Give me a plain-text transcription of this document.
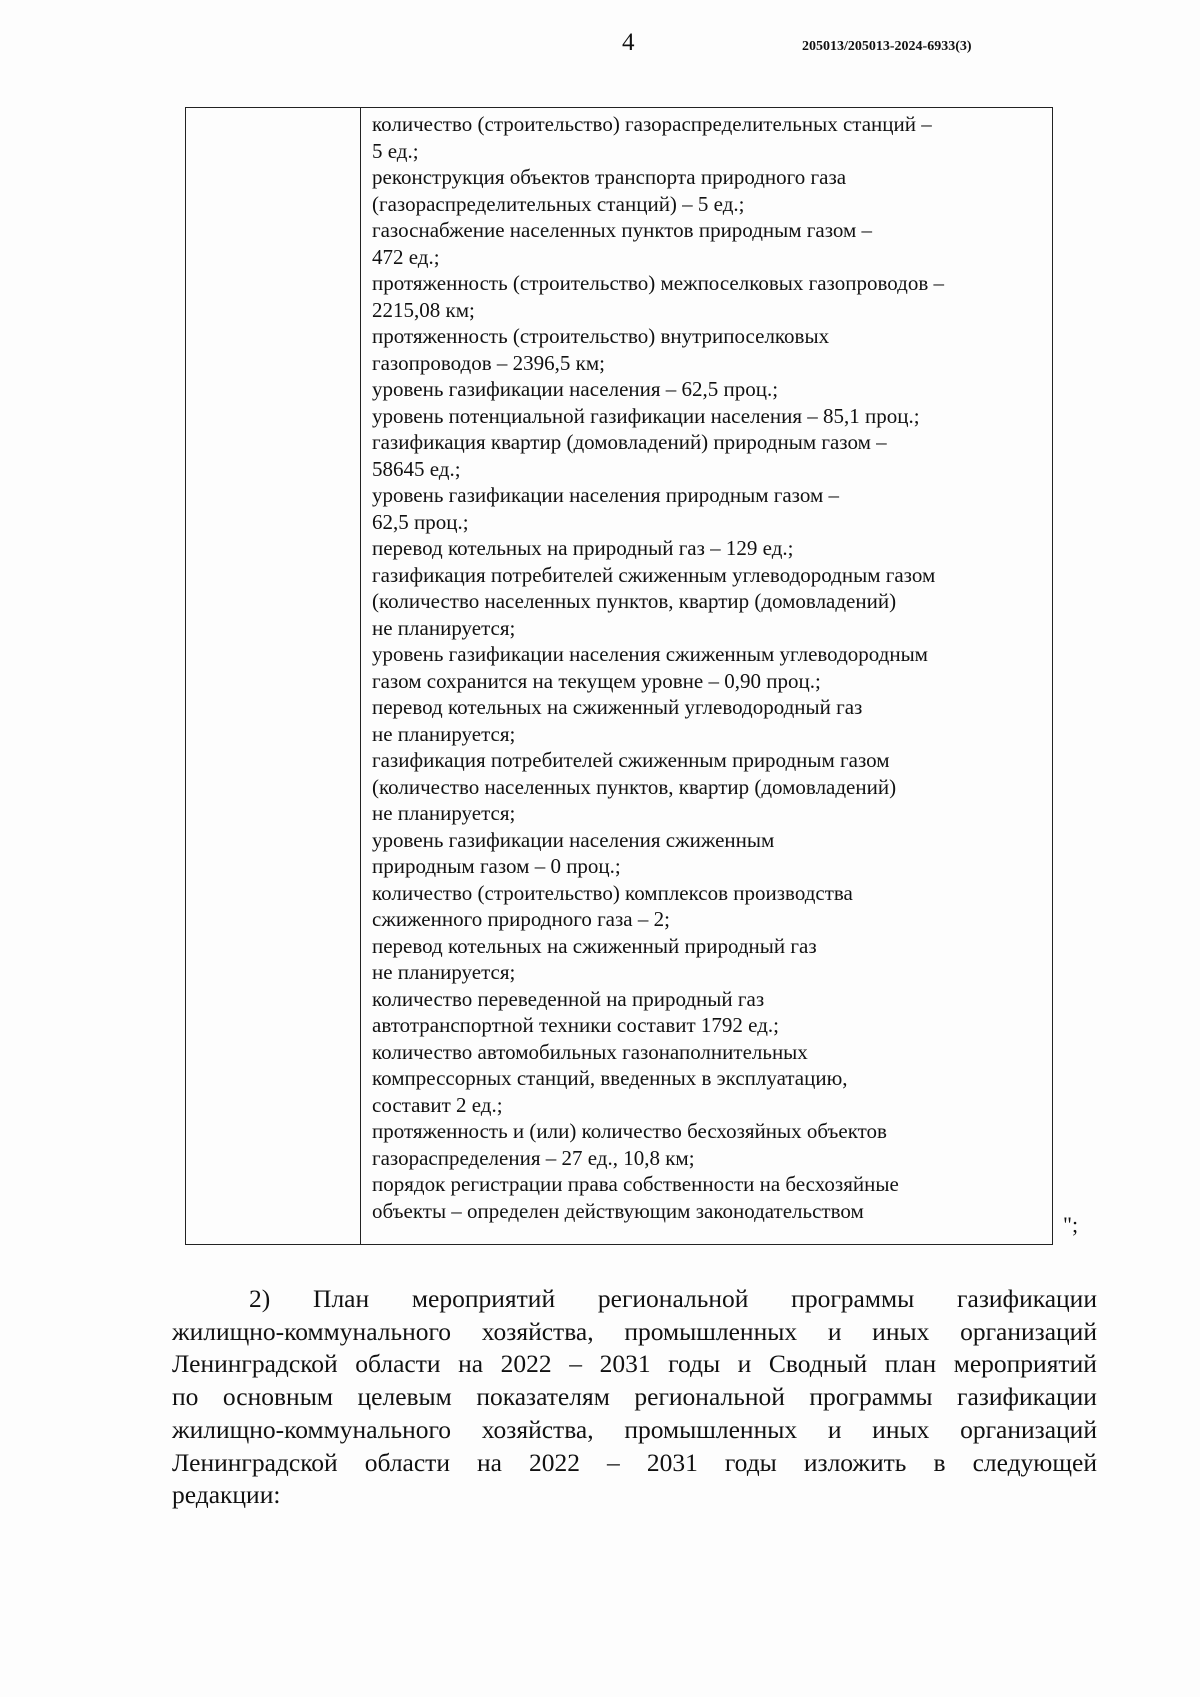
4	205013/205013-2024-6933(3)
количество (строительство) газораспределительных станций –
5 ед.;
реконструкция объектов транспорта природного газа
(газораспределительных станций) – 5 ед.;
газоснабжение населенных пунктов природным газом –
472 ед.;
протяженность (строительство) межпоселковых газопроводов –
2215,08 км;
протяженность (строительство) внутрипоселковых
газопроводов – 2396,5 км;
уровень газификации населения – 62,5 проц.;
уровень потенциальной газификации населения – 85,1 проц.;
газификация квартир (домовладений) природным газом –
58645 ед.;
уровень газификации населения природным газом –
62,5 проц.;
перевод котельных на природный газ – 129 ед.;
газификация потребителей сжиженным углеводородным газом
(количество населенных пунктов, квартир (домовладений)
не планируется;
уровень газификации населения сжиженным углеводородным
газом сохранится на текущем уровне – 0,90 проц.;
перевод котельных на сжиженный углеводородный газ
не планируется;
газификация потребителей сжиженным природным газом
(количество населенных пунктов, квартир (домовладений)
не планируется;
уровень газификации населения сжиженным
природным газом – 0 проц.;
количество (строительство) комплексов производства
сжиженного природного газа – 2;
перевод котельных на сжиженный природный газ
не планируется;
количество переведенной на природный газ
автотранспортной техники составит 1792 ед.;
количество автомобильных газонаполнительных
компрессорных станций, введенных в эксплуатацию,
составит 2 ед.;
протяженность и (или) количество бесхозяйных объектов
газораспределения – 27 ед., 10,8 км;
порядок регистрации права собственности на бесхозяйные
объекты – определен действующим законодательством
";
2) План мероприятий региональной программы газификации
жилищно-коммунального хозяйства, промышленных и иных организаций
Ленинградской области на 2022 – 2031 годы и Сводный план мероприятий
по основным целевым показателям региональной программы газификации
жилищно-коммунального хозяйства, промышленных и иных организаций
Ленинградской области на 2022 – 2031 годы изложить в следующей
редакции:
